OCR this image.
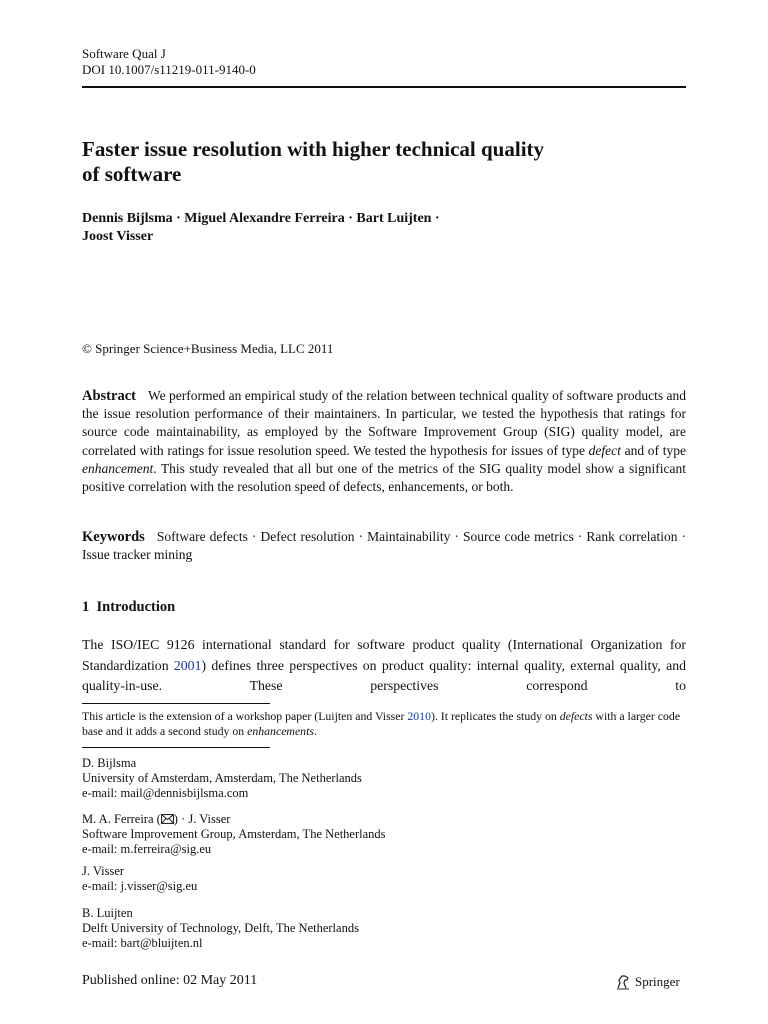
Software Qual J
DOI 10.1007/s11219-011-9140-0
Faster issue resolution with higher technical quality
of software
Dennis Bijlsma · Miguel Alexandre Ferreira · Bart Luijten ·
Joost Visser
© Springer Science+Business Media, LLC 2011
Abstract We performed an empirical study of the relation between technical quality of software products and the issue resolution performance of their maintainers. In particular, we tested the hypothesis that ratings for source code maintainability, as employed by the Software Improvement Group (SIG) quality model, are correlated with ratings for issue resolution speed. We tested the hypothesis for issues of type defect and of type enhancement. This study revealed that all but one of the metrics of the SIG quality model show a significant positive correlation with the resolution speed of defects, enhancements, or both.
Keywords Software defects · Defect resolution · Maintainability · Source code metrics · Rank correlation · Issue tracker mining
1 Introduction
The ISO/IEC 9126 international standard for software product quality (International Organization for Standardization 2001) defines three perspectives on product quality: internal quality, external quality, and quality-in-use. These perspectives correspond to
This article is the extension of a workshop paper (Luijten and Visser 2010). It replicates the study on defects with a larger code base and it adds a second study on enhancements.
D. Bijlsma
University of Amsterdam, Amsterdam, The Netherlands
e-mail: mail@dennisbijlsma.com
M. A. Ferreira ( ) · J. Visser
Software Improvement Group, Amsterdam, The Netherlands
e-mail: m.ferreira@sig.eu
J. Visser
e-mail: j.visser@sig.eu
B. Luijten
Delft University of Technology, Delft, The Netherlands
e-mail: bart@bluijten.nl
Published online: 02 May 2011	Springer
